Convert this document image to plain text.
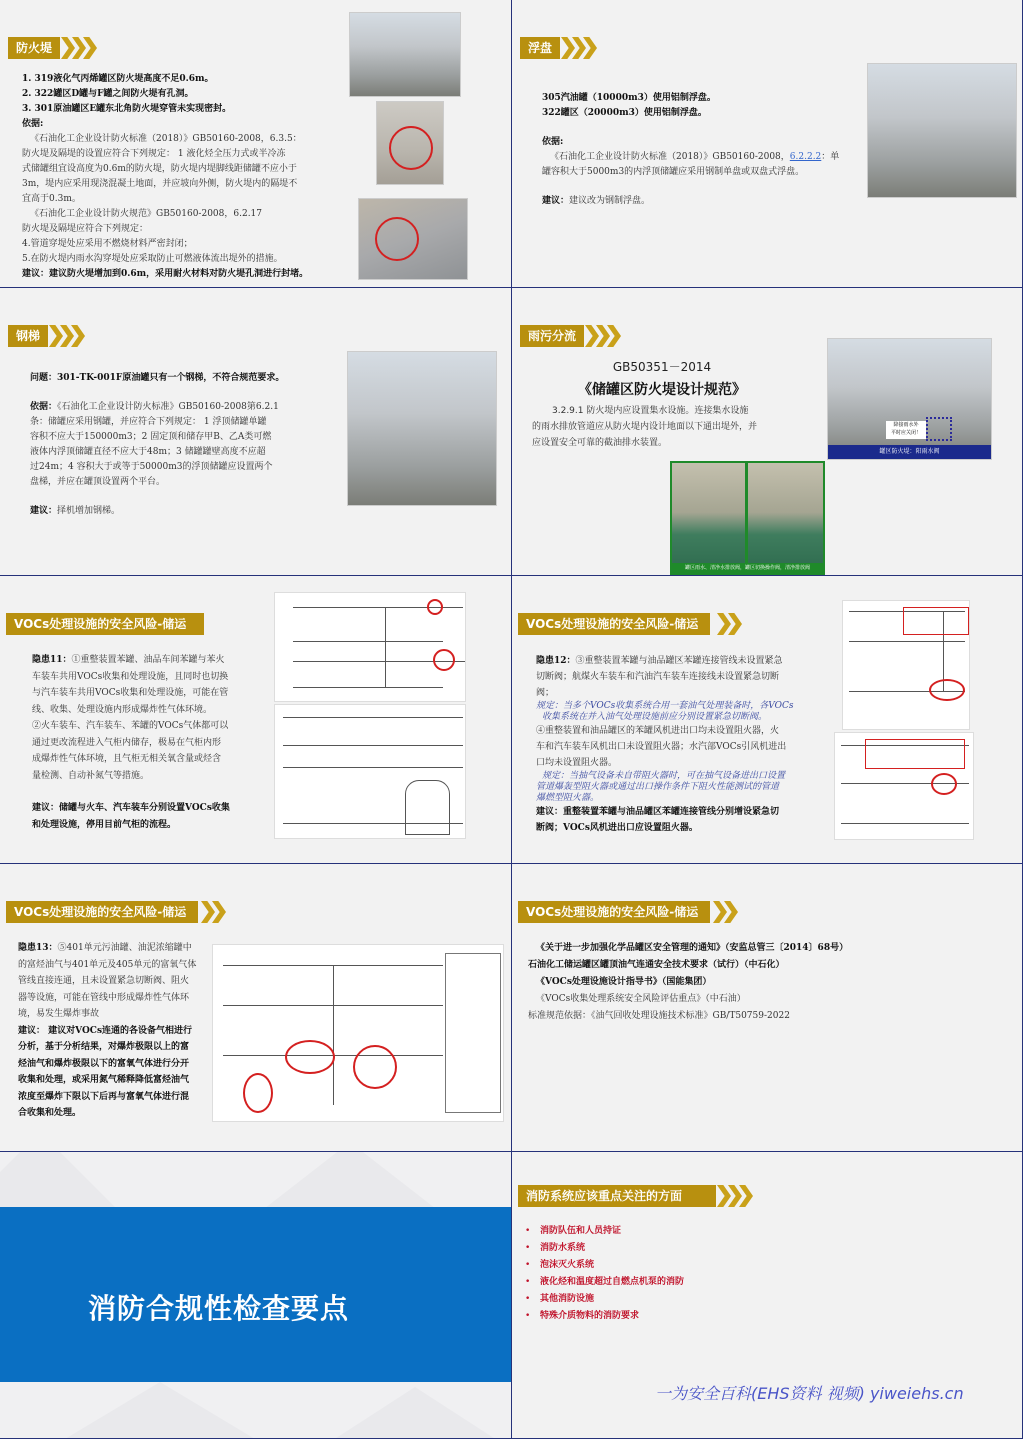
防火堤
1. 319液化气丙烯罐区防火堤高度不足0.6m。
2. 322罐区D罐与F罐之间防火堤有孔洞。
3. 301原油罐区E罐东北角防火堤穿管未实现密封。
依据:
《石油化工企业设计防火标准（2018）》GB50160-2008，6.3.5：
防火堤及隔堤的设置应符合下列规定： 1 液化烃全压力式或半冷冻
式储罐组宜设高度为0.6m的防火堤，防火堤内堤脚线距储罐不应小于
3m，堤内应采用现浇混凝土地面，并应坡向外侧，防火堤内的隔堤不
宜高于0.3m。
《石油化工企业设计防火规范》GB50160-2008，6.2.17
防火堤及隔堤应符合下列规定：
4.管道穿堤处应采用不燃烧材料严密封闭；
5.在防火堤内雨水沟穿堤处应采取防止可燃液体流出堤外的措施。
建议：建议防火堤增加到0.6m，采用耐火材料对防火堤孔洞进行封堵。
浮盘
305汽油罐（10000m3）使用铝制浮盘。
322罐区（20000m3）使用铝制浮盘。
依据:
《石油化工企业设计防火标准（2018）》GB50160-2008，6.2.2.2：单
罐容积大于5000m3的内浮顶储罐应采用钢制单盘或双盘式浮盘。
建议：建议改为钢制浮盘。
钢梯
问题：301-TK-001F原油罐只有一个钢梯，不符合规范要求。
依据：《石油化工企业设计防火标准》GB50160-2008第6.2.1
条：储罐应采用钢罐，并应符合下列规定： 1 浮顶储罐单罐
容积不应大于150000m3；2 固定顶和储存甲B、乙A类可燃
液体内浮顶储罐直径不应大于48m；3 储罐罐壁高度不应超
过24m；4 容积大于或等于50000m3的浮顶储罐应设置两个
盘梯，并应在罐顶设置两个平台。
建议：择机增加钢梯。
雨污分流
GB50351－2014
《储罐区防火堤设计规范》
3.2.9.1 防火堤内应设置集水设施。连接集水设施
的雨水排放管道应从防火堤内设计地面以下通出堤外，并
应设置安全可靠的截油排水装置。
降接雨水外
平时应关闭！
罐区防火堤：阳雨水阀
罐区雨水、清净水排放阀，罐区切换操作阀，清净排放阀
VOCs处理设施的安全风险-储运
隐患11：①重整装置苯罐、油品车间苯罐与苯火
车装车共用VOCs收集和处理设施，且同时也切换
与汽车装车共用VOCs收集和处理设施，可能在管
线、收集、处理设施内形成爆炸性气体环境。
②火车装车、汽车装车、苯罐的VOCs气体都可以
通过更改流程进入气柜内储存，极易在气柜内形
成爆炸性气体环境，且气柜无相关氧含量或烃含
量检测、自动补氮气等措施。
建议：储罐与火车、汽车装车分别设置VOCs收集
和处理设施，停用目前气柜的流程。
VOCs处理设施的安全风险-储运
隐患12：③重整装置苯罐与油品罐区苯罐连接管线未设置紧急
切断阀；航煤火车装车和汽油汽车装车连接线未设置紧急切断
阀；
规定：当多个VOCs收集系统合用一套油气处理装备时，各VOCs
收集系统在并入油气处理设施前应分别设置紧急切断阀。
④重整装置和油品罐区的苯罐风机进出口均未设置阻火器，火
车和汽车装车风机出口未设置阻火器；水汽部VOCs引风机进出
口均未设置阻火器。
规定：当抽气设备未自带阻火器时，可在抽气设备进出口设置
管道爆轰型阻火器或通过出口操作条件下阻火性能测试的管道
爆燃型阻火器。
建议：重整装置苯罐与油品罐区苯罐连接管线分别增设紧急切
断阀；VOCs风机进出口应设置阻火器。
VOCs处理设施的安全风险-储运
隐患13：⑤401单元污油罐、油泥浓缩罐中
的富烃油气与401单元及405单元的富氧气体
管线直接连通，且未设置紧急切断阀、阻火
器等设施，可能在管线中形成爆炸性气体环
境，易发生爆炸事故
建议： 建议对VOCs连通的各设备气相进行
分析，基于分析结果，对爆炸极限以上的富
烃油气和爆炸极限以下的富氧气体进行分开
收集和处理，或采用氮气稀释降低富烃油气
浓度至爆炸下限以下后再与富氧气体进行混
合收集和处理。
VOCs处理设施的安全风险-储运
《关于进一步加强化学品罐区安全管理的通知》（安监总管三〔2014〕68号）
石油化工储运罐区罐顶油气连通安全技术要求（试行）（中石化）
《VOCs处理设施设计指导书》（国能集团）
《VOCs收集处理系统安全风险评估重点》（中石油）
标准规范依据：《油气回收处理设施技术标准》GB/T50759-2022
消防合规性检查要点
消防系统应该重点关注的方面
•	消防队伍和人员持证
•	消防水系统
•	泡沫灭火系统
•	液化烃和温度超过自燃点机泵的消防
•	其他消防设施
•	特殊介质物料的消防要求
一为安全百科(EHS资料 视频) yiweiehs.cn
